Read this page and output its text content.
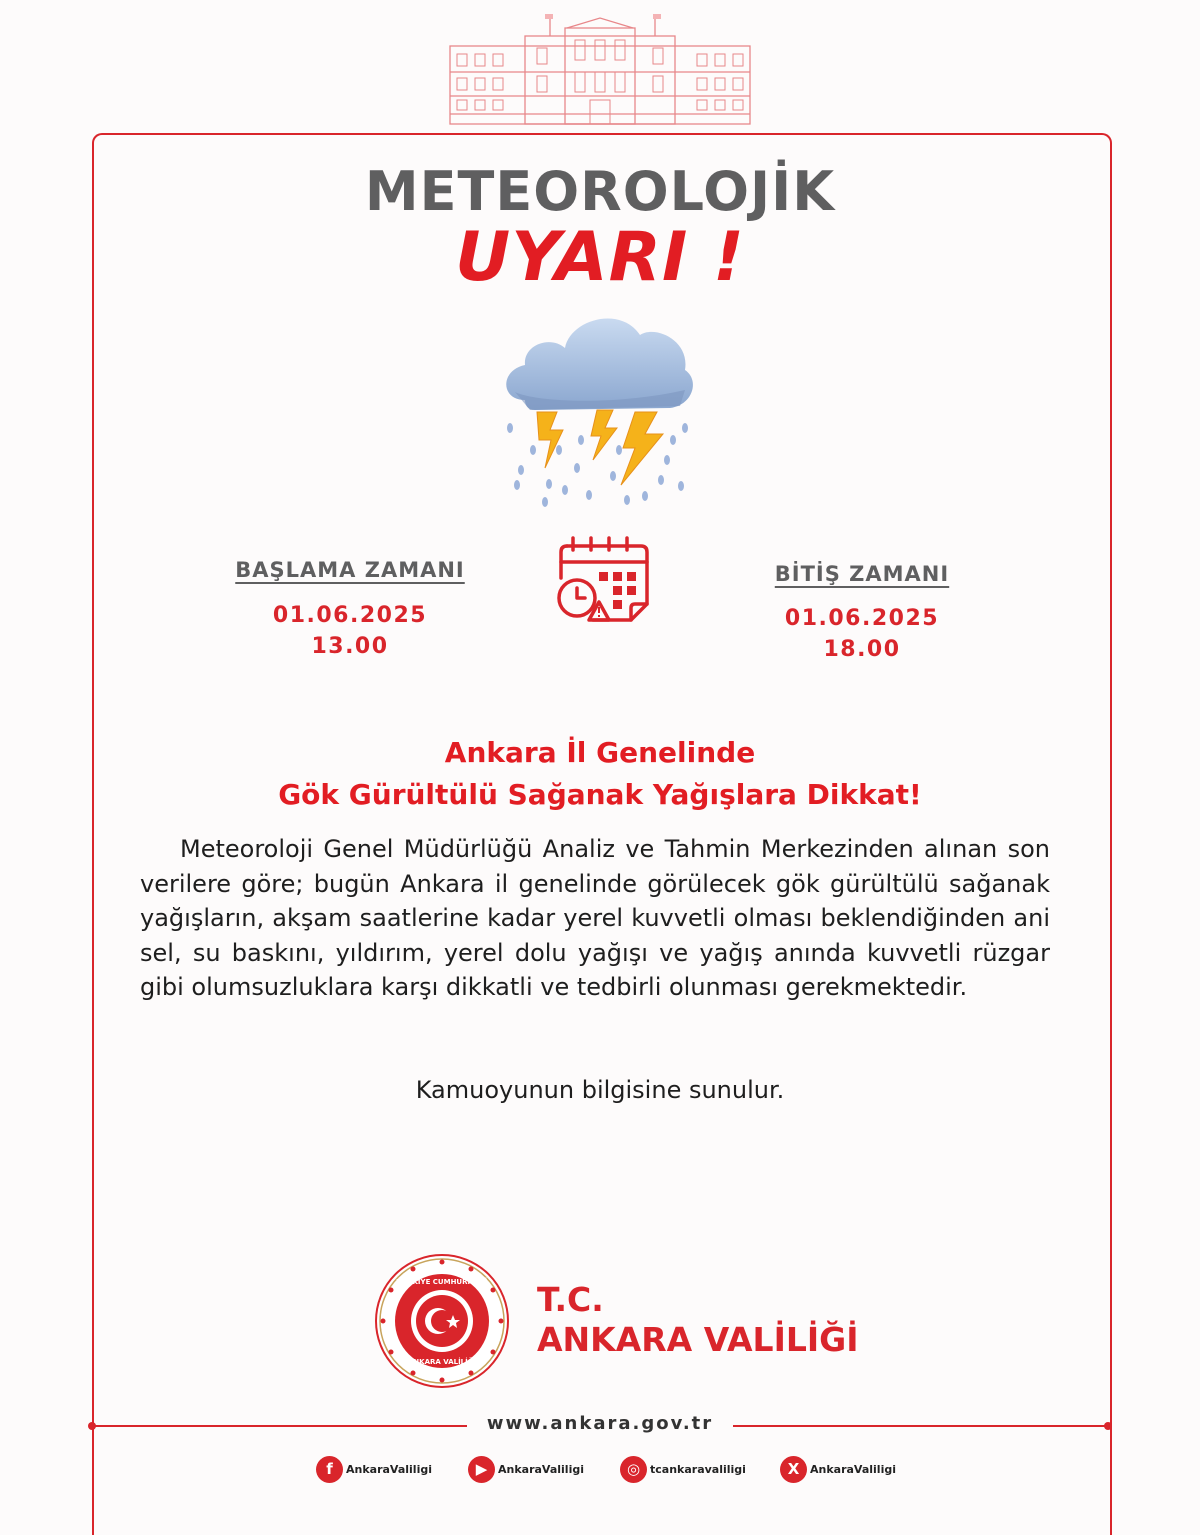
METEOROLOJİK
UYARI !
BAŞLAMA ZAMANI
01.06.2025
13.00
BİTİŞ ZAMANI
01.06.2025
18.00
Ankara İl Genelinde
Gök Gürültülü Sağanak Yağışlara Dikkat!
Meteoroloji Genel Müdürlüğü Analiz ve Tahmin Merkezinden alınan son verilere göre; bugün Ankara il genelinde görülecek gök gürültülü sağanak yağışların, akşam saatlerine kadar yerel kuvvetli olması beklendiğinden ani sel, su baskını, yıldırım, yerel dolu yağışı ve yağış anında kuvvetli rüzgar gibi olumsuzluklara karşı dikkatli ve tedbirli olunması gerekmektedir.
Kamuoyunun bilgisine sunulur.
TÜRKİYE CUMHURİYETİ
ANKARA VALİLİĞİ
T.C.
ANKARA VALİLİĞİ
www.ankara.gov.tr
f	AnkaraValiligi	▶ AnkaraValiligi	◎ tcankaravaliligi	X AnkaraValiligi
